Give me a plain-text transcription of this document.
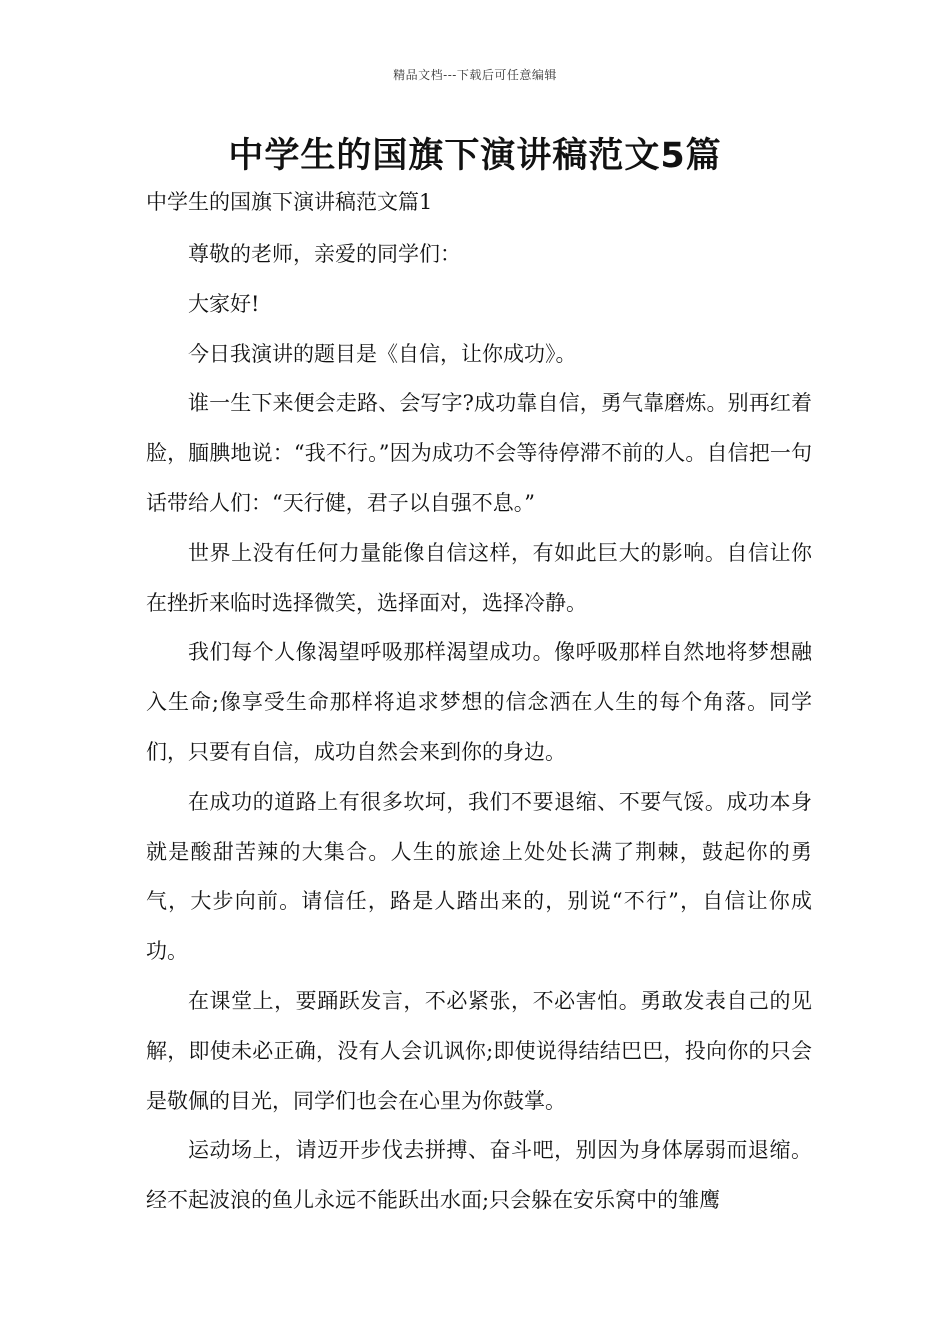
精品文档---下载后可任意编辑
中学生的国旗下演讲稿范文5篇
中学生的国旗下演讲稿范文篇1

尊敬的老师，亲爱的同学们：

大家好!

今日我演讲的题目是《自信，让你成功》。

谁一生下来便会走路、会写字?成功靠自信，勇气靠磨炼。别再红着脸，腼腆地说：“我不行。”因为成功不会等待停滞不前的人。自信把一句话带给人们：“天行健，君子以自强不息。”

世界上没有任何力量能像自信这样，有如此巨大的影响。自信让你在挫折来临时选择微笑，选择面对，选择冷静。

我们每个人像渴望呼吸那样渴望成功。像呼吸那样自然地将梦想融入生命;像享受生命那样将追求梦想的信念洒在人生的每个角落。同学们，只要有自信，成功自然会来到你的身边。

在成功的道路上有很多坎坷，我们不要退缩、不要气馁。成功本身就是酸甜苦辣的大集合。人生的旅途上处处长满了荆棘，鼓起你的勇气，大步向前。请信任，路是人踏出来的，别说“不行”，自信让你成功。

在课堂上，要踊跃发言，不必紧张，不必害怕。勇敢发表自己的见解，即使未必正确，没有人会讥讽你;即使说得结结巴巴，投向你的只会是敬佩的目光，同学们也会在心里为你鼓掌。

运动场上，请迈开步伐去拼搏、奋斗吧，别因为身体孱弱而退缩。经不起波浪的鱼儿永远不能跃出水面;只会躲在安乐窝中的雏鹰
